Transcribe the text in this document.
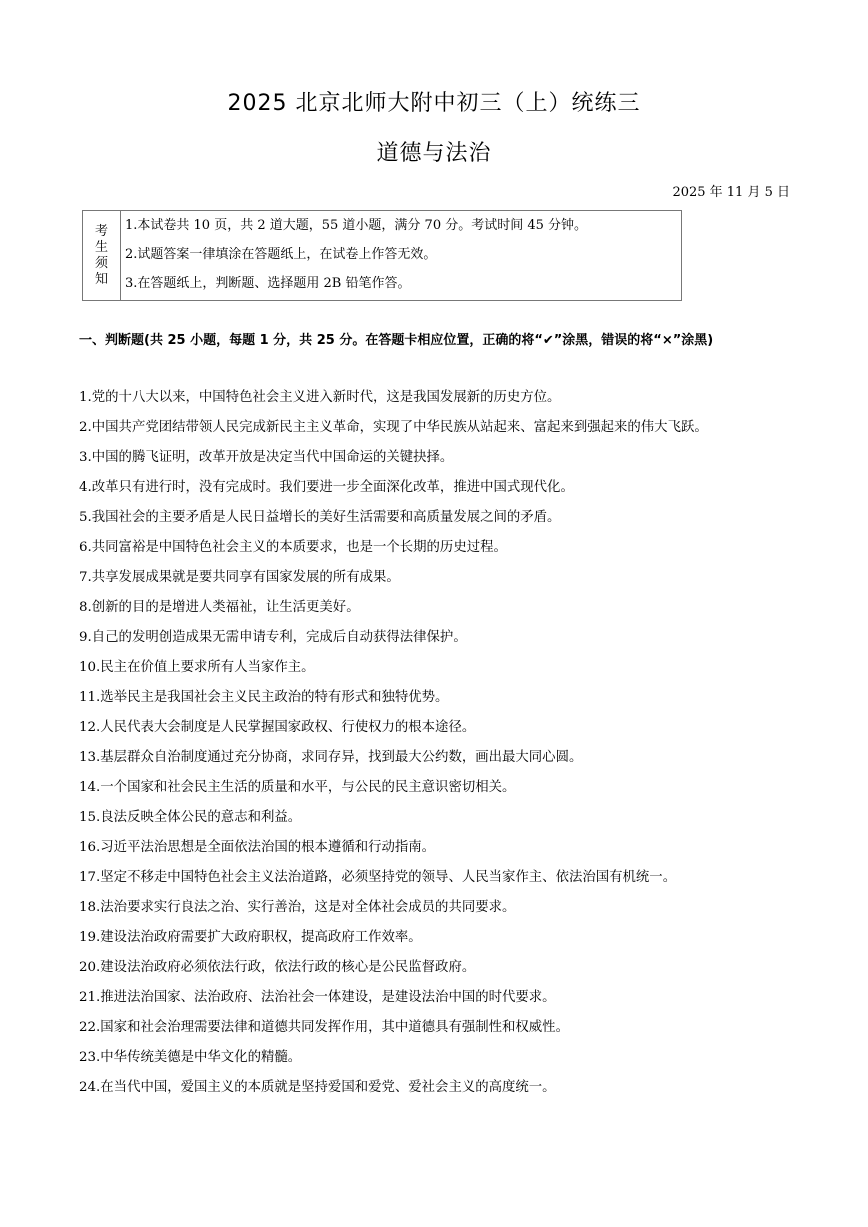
2025 北京北师大附中初三（上）统练三
道德与法治
2025 年 11 月 5 日
考
生
须
知
1.本试卷共 10 页，共 2 道大题，55 道小题，满分 70 分。考试时间 45 分钟。
2.试题答案一律填涂在答题纸上，在试卷上作答无效。
3.在答题纸上，判断题、选择题用 2B 铅笔作答。
一、判断题(共 25 小题，每题 1 分，共 25 分。在答题卡相应位置，正确的将“✔”涂黑，错误的将“×”涂黑)
1.党的十八大以来，中国特色社会主义进入新时代，这是我国发展新的历史方位。
2.中国共产党团结带领人民完成新民主主义革命，实现了中华民族从站起来、富起来到强起来的伟大飞跃。
3.中国的腾飞证明，改革开放是决定当代中国命运的关键抉择。
4.改革只有进行时，没有完成时。我们要进一步全面深化改革，推进中国式现代化。
5.我国社会的主要矛盾是人民日益增长的美好生活需要和高质量发展之间的矛盾。
6.共同富裕是中国特色社会主义的本质要求，也是一个长期的历史过程。
7.共享发展成果就是要共同享有国家发展的所有成果。
8.创新的目的是增进人类福祉，让生活更美好。
9.自己的发明创造成果无需申请专利，完成后自动获得法律保护。
10.民主在价值上要求所有人当家作主。
11.选举民主是我国社会主义民主政治的特有形式和独特优势。
12.人民代表大会制度是人民掌握国家政权、行使权力的根本途径。
13.基层群众自治制度通过充分协商，求同存异，找到最大公约数，画出最大同心圆。
14.一个国家和社会民主生活的质量和水平，与公民的民主意识密切相关。
15.良法反映全体公民的意志和利益。
16.习近平法治思想是全面依法治国的根本遵循和行动指南。
17.坚定不移走中国特色社会主义法治道路，必须坚持党的领导、人民当家作主、依法治国有机统一。
18.法治要求实行良法之治、实行善治，这是对全体社会成员的共同要求。
19.建设法治政府需要扩大政府职权，提高政府工作效率。
20.建设法治政府必须依法行政，依法行政的核心是公民监督政府。
21.推进法治国家、法治政府、法治社会一体建设，是建设法治中国的时代要求。
22.国家和社会治理需要法律和道德共同发挥作用，其中道德具有强制性和权威性。
23.中华传统美德是中华文化的精髓。
24.在当代中国，爱国主义的本质就是坚持爱国和爱党、爱社会主义的高度统一。
